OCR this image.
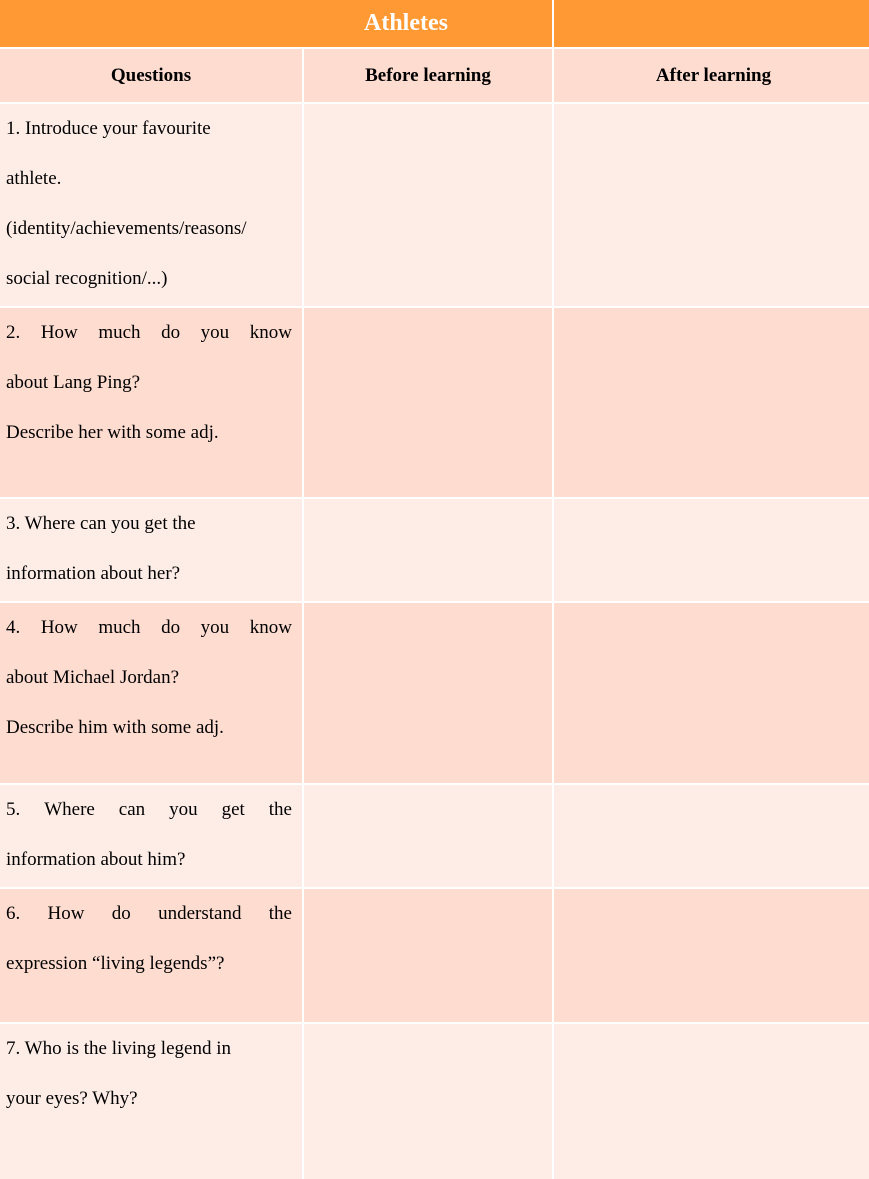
Athletes
Questions	Before learning	After learning
1. Introduce your favourite
athlete.
(identity/achievements/reasons/
social recognition/...)
2. How much do you know
about Lang Ping?
Describe her with some adj.
3. Where can you get the
information about her?
4. How much do you know
about Michael Jordan?
Describe him with some adj.
5. Where can you get the
information about him?
6. How do understand the
expression “living legends”?
7. Who is the living legend in
your eyes? Why?
